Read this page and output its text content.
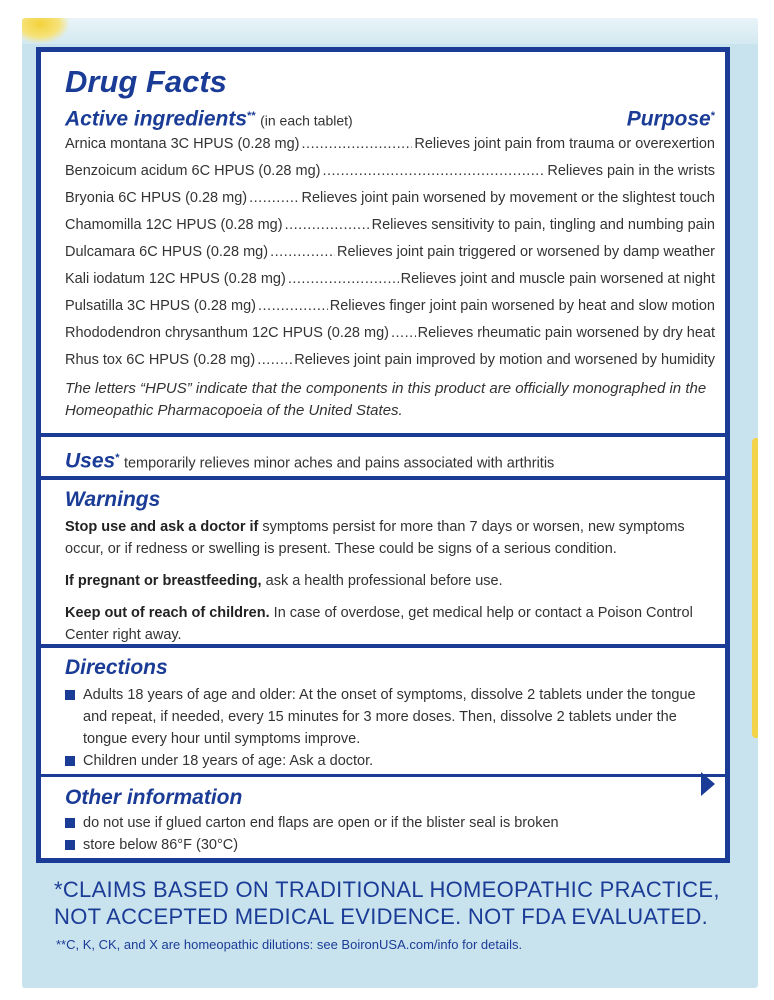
Drug Facts
Active ingredients** (in each tablet)	Purpose*
Arnica montana 3C HPUS (0.28 mg) .....	Relieves joint pain from trauma or overexertion
Benzoicum acidum 6C HPUS (0.28 mg) .....	Relieves pain in the wrists
Bryonia 6C HPUS (0.28 mg) .....	Relieves joint pain worsened by movement or the slightest touch
Chamomilla 12C HPUS (0.28 mg) .....	Relieves sensitivity to pain, tingling and numbing pain
Dulcamara 6C HPUS (0.28 mg) .....	Relieves joint pain triggered or worsened by damp weather
Kali iodatum 12C HPUS (0.28 mg) .....	Relieves joint and muscle pain worsened at night
Pulsatilla 3C HPUS (0.28 mg) .....	Relieves finger joint pain worsened by heat and slow motion
Rhododendron chrysanthum 12C HPUS (0.28 mg) ..... Relieves rheumatic pain worsened by dry heat
Rhus tox 6C HPUS (0.28 mg) .....	Relieves joint pain improved by motion and worsened by humidity
The letters “HPUS” indicate that the components in this product are officially monographed in the Homeopathic Pharmacopoeia of the United States.
Uses* temporarily relieves minor aches and pains associated with arthritis
Warnings
Stop use and ask a doctor if symptoms persist for more than 7 days or worsen, new symptoms occur, or if redness or swelling is present. These could be signs of a serious condition.
If pregnant or breastfeeding, ask a health professional before use.
Keep out of reach of children. In case of overdose, get medical help or contact a Poison Control Center right away.
Directions
Adults 18 years of age and older: At the onset of symptoms, dissolve 2 tablets under the tongue and repeat, if needed, every 15 minutes for 3 more doses. Then, dissolve 2 tablets under the tongue every hour until symptoms improve.
Children under 18 years of age: Ask a doctor.
Other information
do not use if glued carton end flaps are open or if the blister seal is broken
store below 86°F (30°C)
*CLAIMS BASED ON TRADITIONAL HOMEOPATHIC PRACTICE, NOT ACCEPTED MEDICAL EVIDENCE. NOT FDA EVALUATED.
**C, K, CK, and X are homeopathic dilutions: see BoironUSA.com/info for details.
